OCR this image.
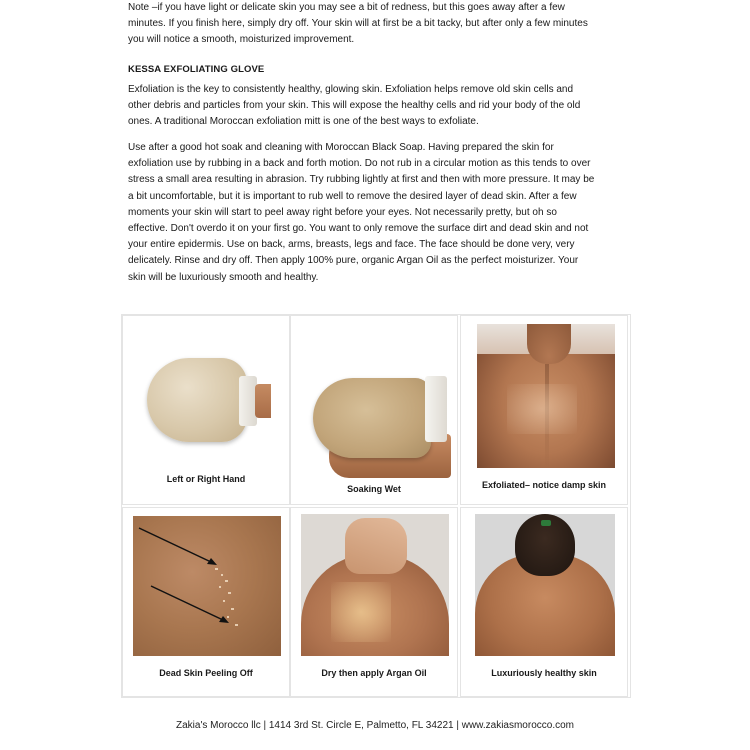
Note –if you have light or delicate skin you may see a bit of redness, but this goes away after a few minutes. If you finish here, simply dry off. Your skin will at first be a bit tacky, but after only a few minutes you will notice a smooth, moisturized improvement.

KESSA EXFOLIATING GLOVE

Exfoliation is the key to consistently healthy, glowing skin. Exfoliation helps remove old skin cells and other debris and particles from your skin. This will expose the healthy cells and rid your body of the old ones. A traditional Moroccan exfoliation mitt is one of the best ways to exfoliate.

Use after a good hot soak and cleaning with Moroccan Black Soap. Having prepared the skin for exfoliation use by rubbing in a back and forth motion. Do not rub in a circular motion as this tends to over stress a small area resulting in abrasion. Try rubbing lightly at first and then with more pressure. It may be a bit uncomfortable, but it is important to rub well to remove the desired layer of dead skin. After a few moments your skin will start to peel away right before your eyes. Not necessarily pretty, but oh so effective. Don't overdo it on your first go. You want to only remove the surface dirt and dead skin and not your entire epidermis. Use on back, arms, breasts, legs and face. The face should be done very, very delicately. Rinse and dry off. Then apply 100% pure, organic Argan Oil as the perfect moisturizer. Your skin will be luxuriously smooth and healthy.

Left or Right Hand
Soaking Wet	Exfoliated– notice damp skin
Dead Skin Peeling Off	Dry then apply Argan Oil	Luxuriously healthy skin
Zakia's Morocco llc | 1414 3rd St. Circle E, Palmetto, FL 34221 | www.zakiasmorocco.com
